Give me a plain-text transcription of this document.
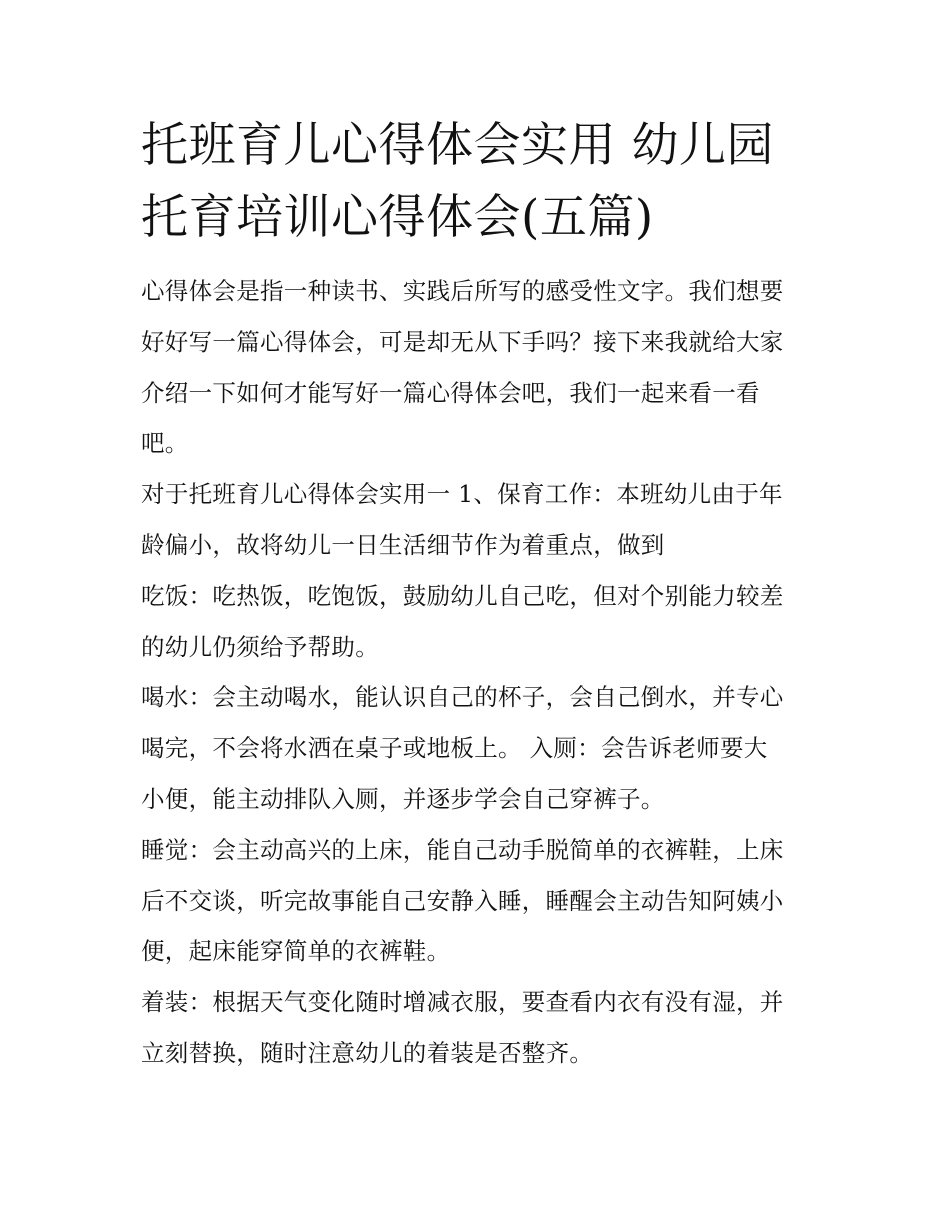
托班育儿心得体会实用 幼儿园
托育培训心得体会(五篇)
心得体会是指一种读书、实践后所写的感受性文字。我们想要
好好写一篇心得体会，可是却无从下手吗？接下来我就给大家
介绍一下如何才能写好一篇心得体会吧，我们一起来看一看
吧。
对于托班育儿心得体会实用一 1、保育工作：本班幼儿由于年
龄偏小，故将幼儿一日生活细节作为着重点，做到
吃饭：吃热饭，吃饱饭，鼓励幼儿自己吃，但对个别能力较差
的幼儿仍须给予帮助。
喝水：会主动喝水，能认识自己的杯子，会自己倒水，并专心
喝完，不会将水洒在桌子或地板上。 入厕：会告诉老师要大
小便，能主动排队入厕，并逐步学会自己穿裤子。
睡觉：会主动高兴的上床，能自己动手脱简单的衣裤鞋，上床
后不交谈，听完故事能自己安静入睡，睡醒会主动告知阿姨小
便，起床能穿简单的衣裤鞋。
着装：根据天气变化随时增减衣服，要查看内衣有没有湿，并
立刻替换，随时注意幼儿的着装是否整齐。
